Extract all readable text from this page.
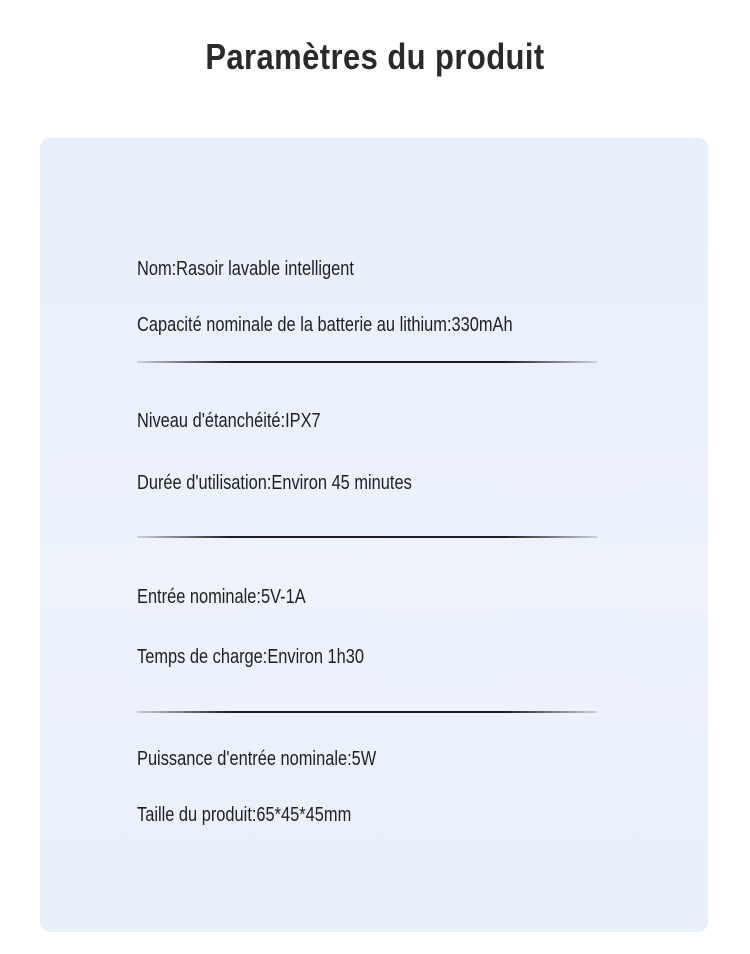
Paramètres du produit
Nom:Rasoir lavable intelligent
Capacité nominale de la batterie au lithium:330mAh
Niveau d'étanchéité:IPX7
Durée d'utilisation:Environ 45 minutes
Entrée nominale:5V-1A
Temps de charge:Environ 1h30
Puissance d'entrée nominale:5W
Taille du produit:65*45*45mm
